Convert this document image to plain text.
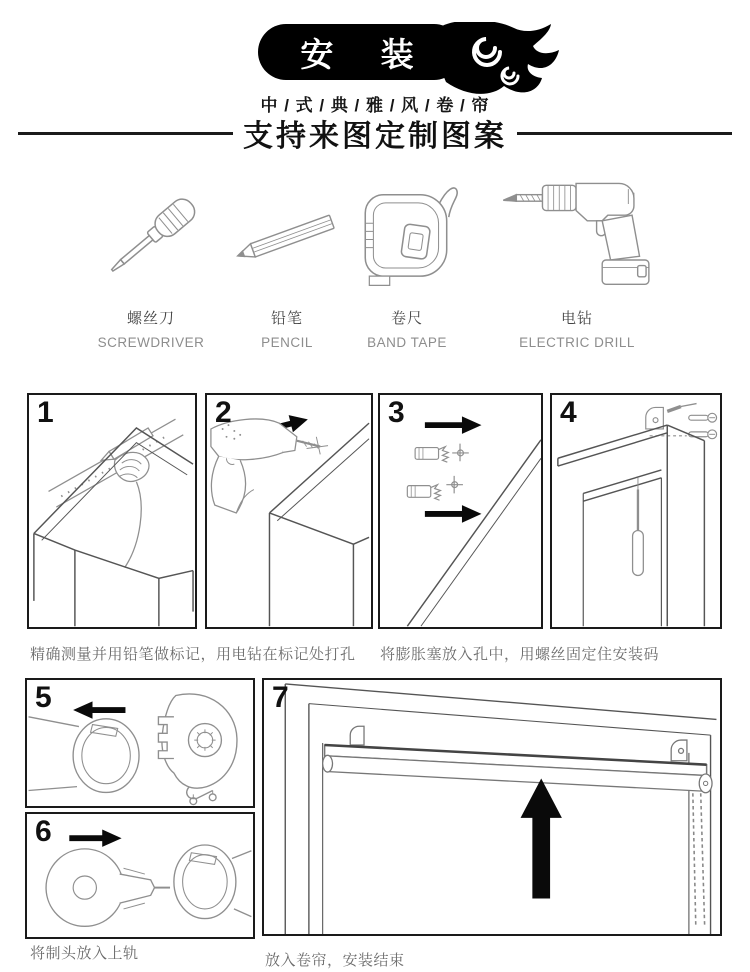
安 装
中 / 式 / 典 / 雅 / 风 / 卷 / 帘
支持来图定制图案
螺丝刀
SCREWDRIVER
铅笔
PENCIL
卷尺
BAND TAPE
电钻
ELECTRIC DRILL
1	2	3	4
精确测量并用铅笔做标记，用电钻在标记处打孔 将膨胀塞放入孔中，用螺丝固定住安装码
5
6
7
将制头放入上轨	放入卷帘，安装结束
